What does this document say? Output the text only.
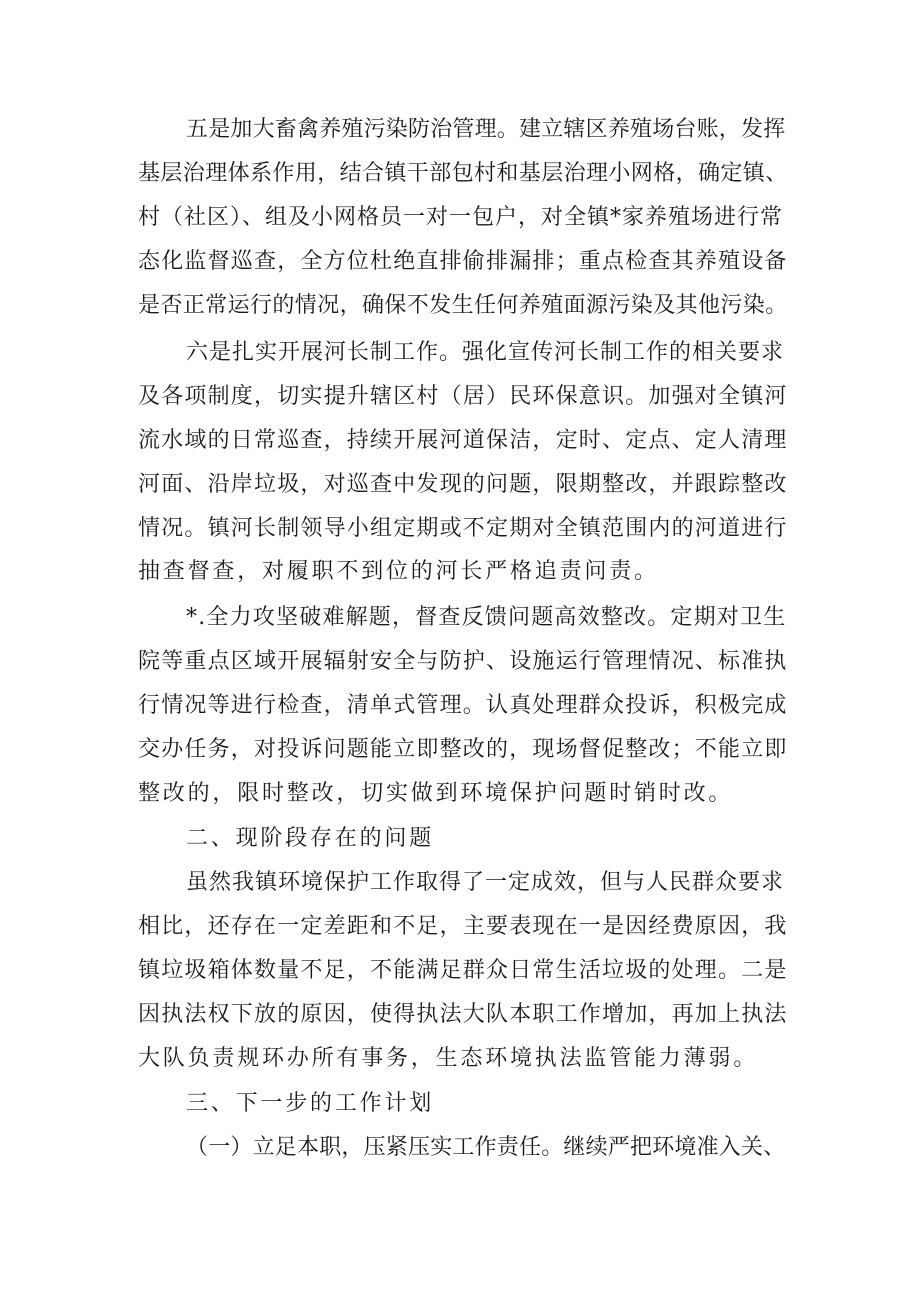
五是加大畜禽养殖污染防治管理。建立辖区养殖场台账，发挥
基层治理体系作用，结合镇干部包村和基层治理小网格，确定镇、
村（社区）、组及小网格员一对一包户，对全镇*家养殖场进行常
态化监督巡查，全方位杜绝直排偷排漏排；重点检查其养殖设备
是否正常运行的情况，确保不发生任何养殖面源污染及其他污染。
六是扎实开展河长制工作。强化宣传河长制工作的相关要求
及各项制度，切实提升辖区村（居）民环保意识。加强对全镇河
流水域的日常巡查，持续开展河道保洁，定时、定点、定人清理
河面、沿岸垃圾，对巡查中发现的问题，限期整改，并跟踪整改
情况。镇河长制领导小组定期或不定期对全镇范围内的河道进行
抽查督查，对履职不到位的河长严格追责问责。
*.全力攻坚破难解题，督查反馈问题高效整改。定期对卫生
院等重点区域开展辐射安全与防护、设施运行管理情况、标准执
行情况等进行检查，清单式管理。认真处理群众投诉，积极完成
交办任务，对投诉问题能立即整改的，现场督促整改；不能立即
整改的，限时整改，切实做到环境保护问题时销时改。
二、现阶段存在的问题
虽然我镇环境保护工作取得了一定成效，但与人民群众要求
相比，还存在一定差距和不足，主要表现在一是因经费原因，我
镇垃圾箱体数量不足，不能满足群众日常生活垃圾的处理。二是
因执法权下放的原因，使得执法大队本职工作增加，再加上执法
大队负责规环办所有事务，生态环境执法监管能力薄弱。
三、下一步的工作计划
（一）立足本职，压紧压实工作责任。继续严把环境准入关、
